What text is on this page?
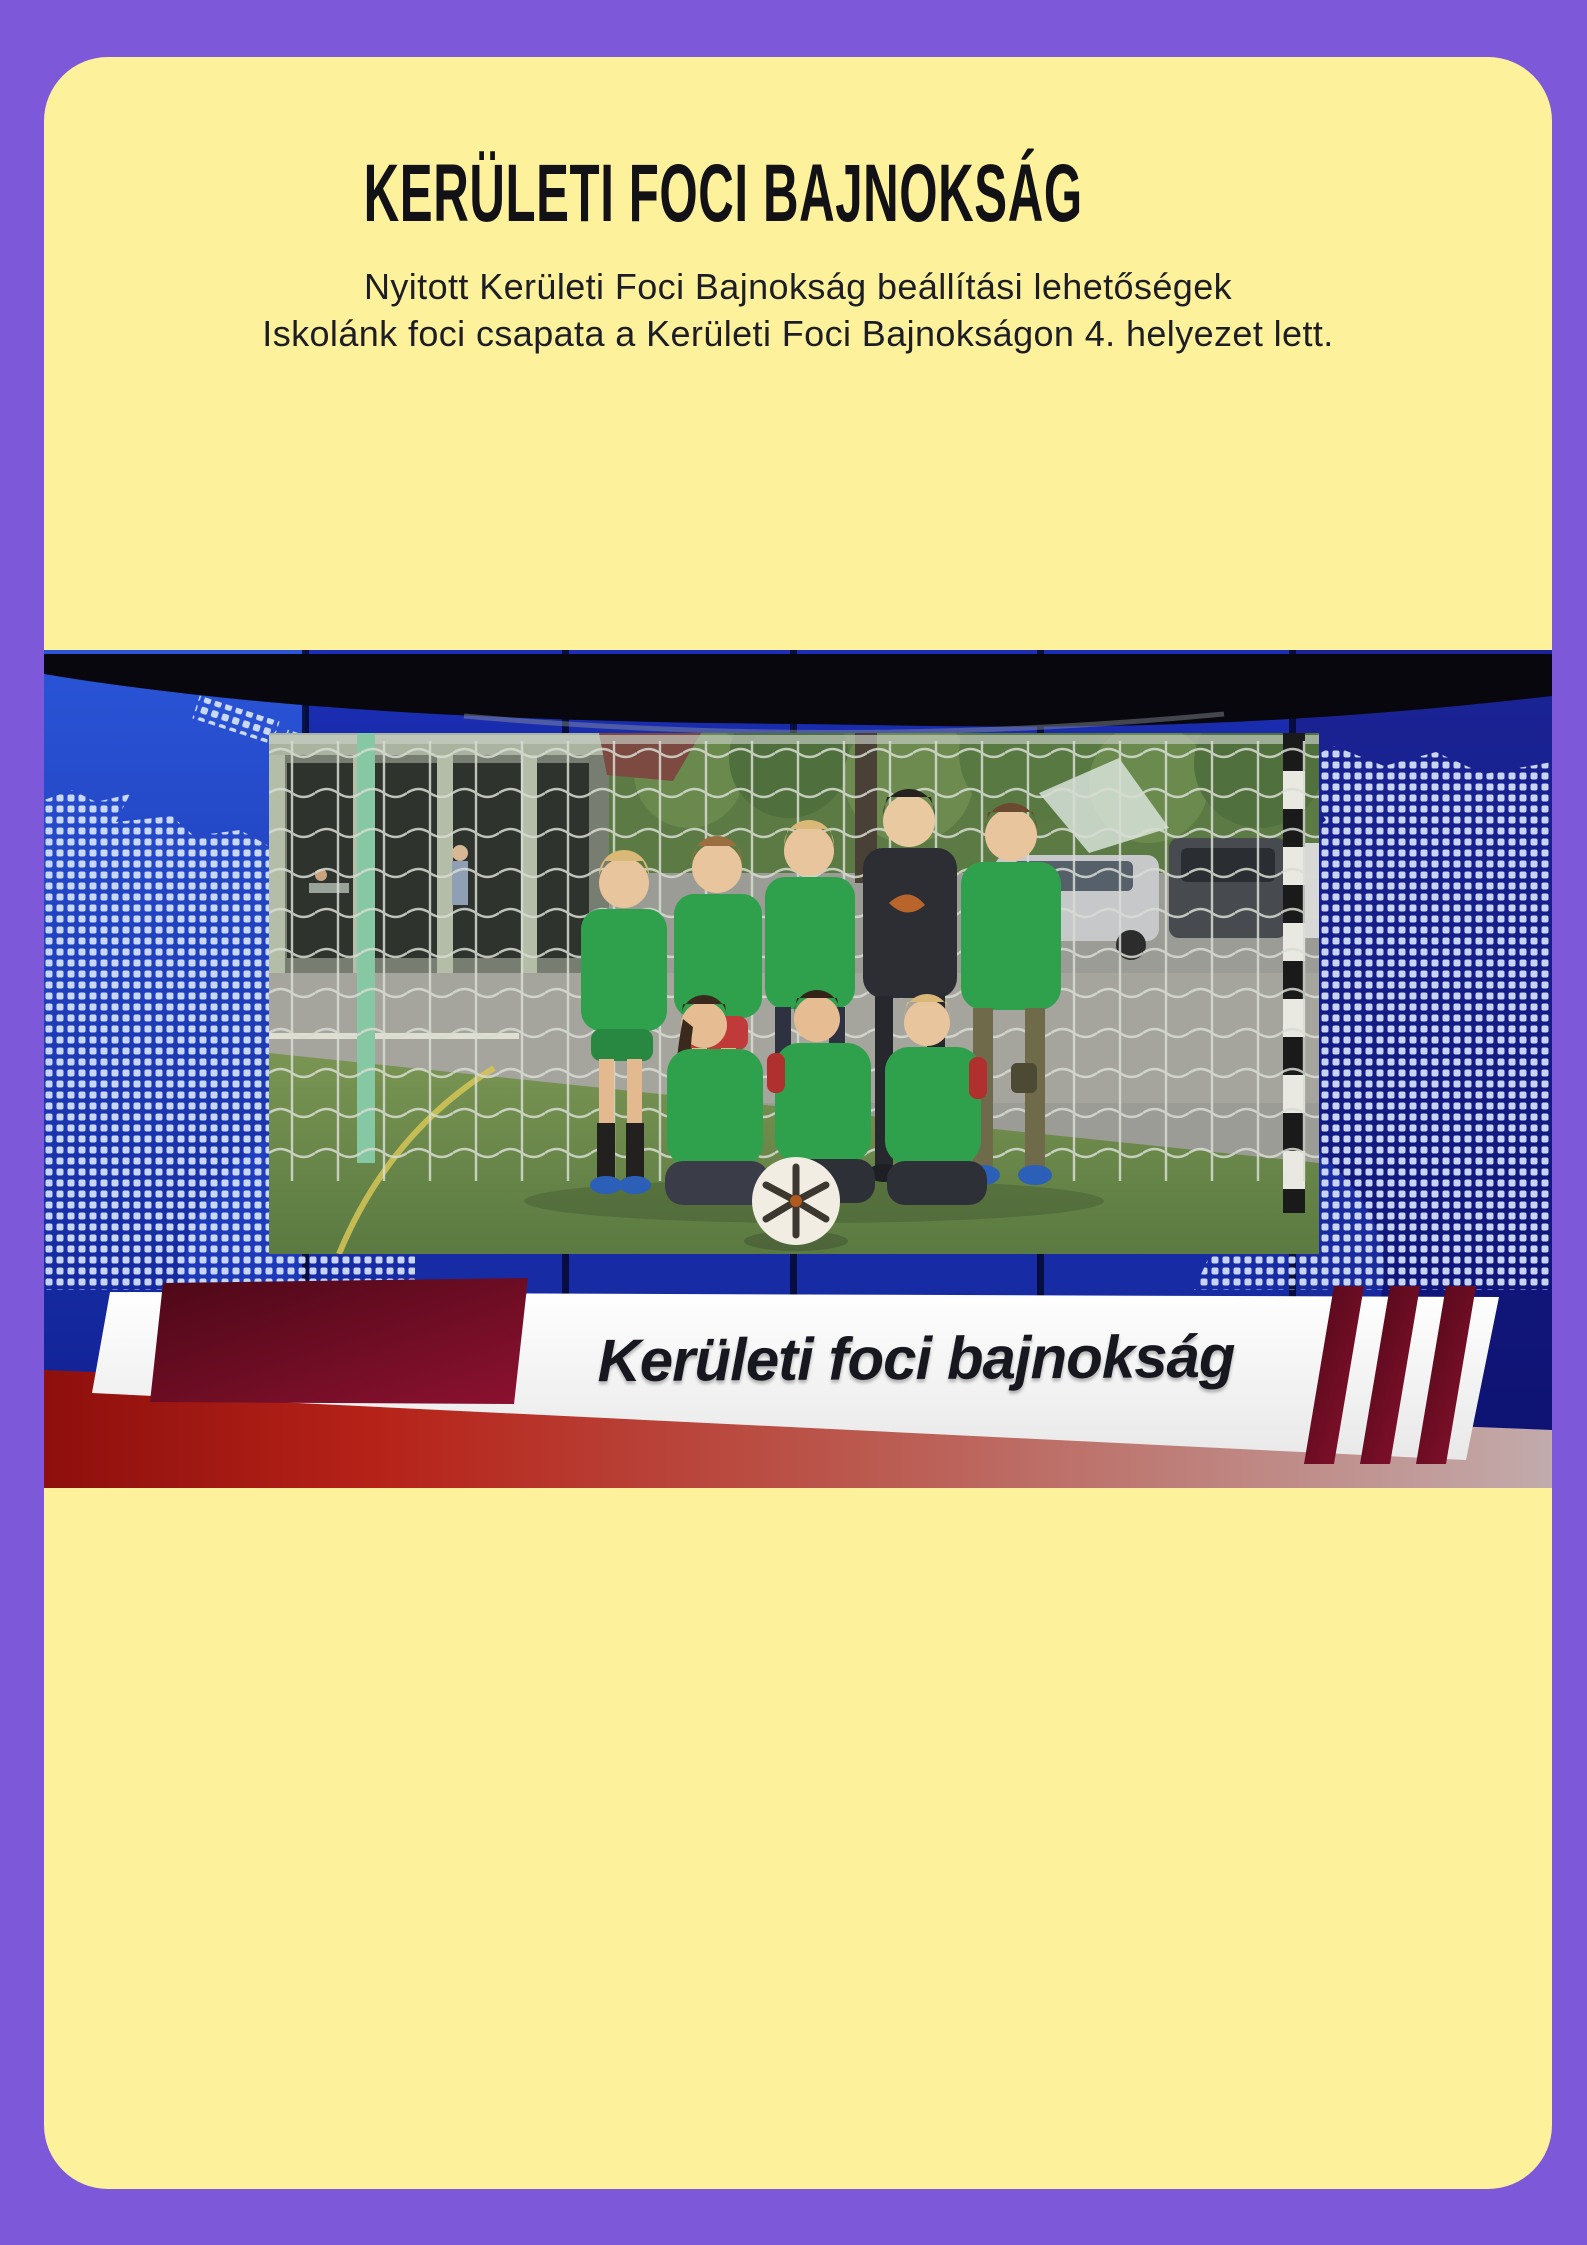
KERÜLETI FOCI BAJNOKSÁG
Nyitott Kerületi Foci Bajnokság beállítási lehetőségek
Iskolánk foci csapata a Kerületi Foci Bajnokságon 4. helyezet lett.
Kerületi foci bajnokság
